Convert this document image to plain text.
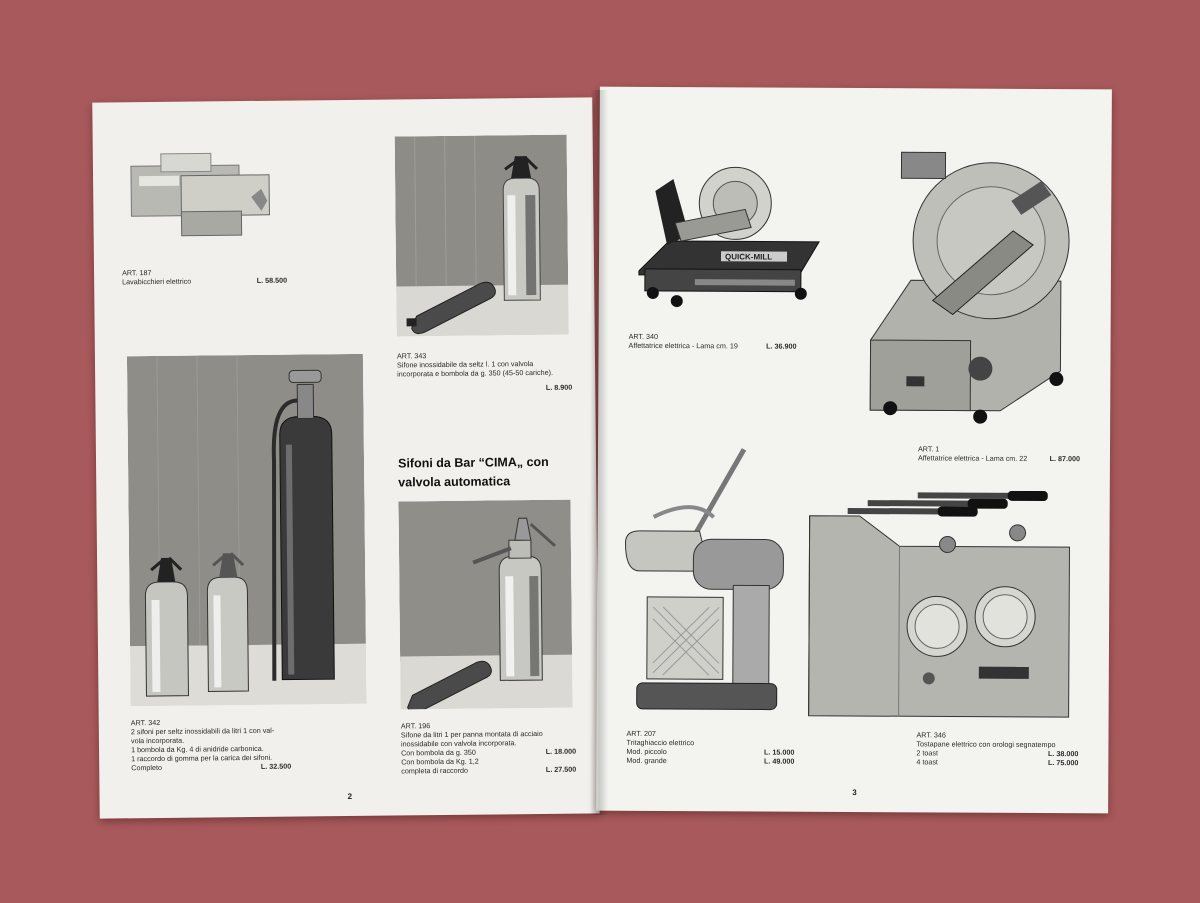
ART. 187
Lavabicchieri elettrico	L. 58.500
ART. 343
Sifone inossidabile da seltz l. 1 con valvola
incorporata e bombola da g. 350 (45-50 cariche).
L. 8.900
ART. 342
2 sifoni per seltz inossidabili da litri 1 con val-
vola incorporata.
1 bombola da Kg. 4 di anidride carbonica.
1 raccordo di gomma per la carica dei sifoni.
Completo	L. 32.500
Sifoni da Bar “CIMA„ con valvola automatica
ART. 196
Sifone da litri 1 per panna montata di acciaio
inossidabile con valvola incorporata.
Con bombola da g. 350	L. 18.000
Con bombola da Kg. 1,2
completa di raccordo	L. 27.500
2
QUICK-MILL
ART. 340
Affettatrice elettrica - Lama cm. 19	L. 36.900
ART. 1
Affettatrice elettrica - Lama cm. 22	L. 87.000
ART. 207
Tritaghiaccio elettrico
Mod. piccolo	L. 15.000
Mod. grande	L. 49.000
ART. 346
Tostapane elettrico con orologi segnatempo
2 toast	L. 38.000
4 toast	L. 75.000
3
